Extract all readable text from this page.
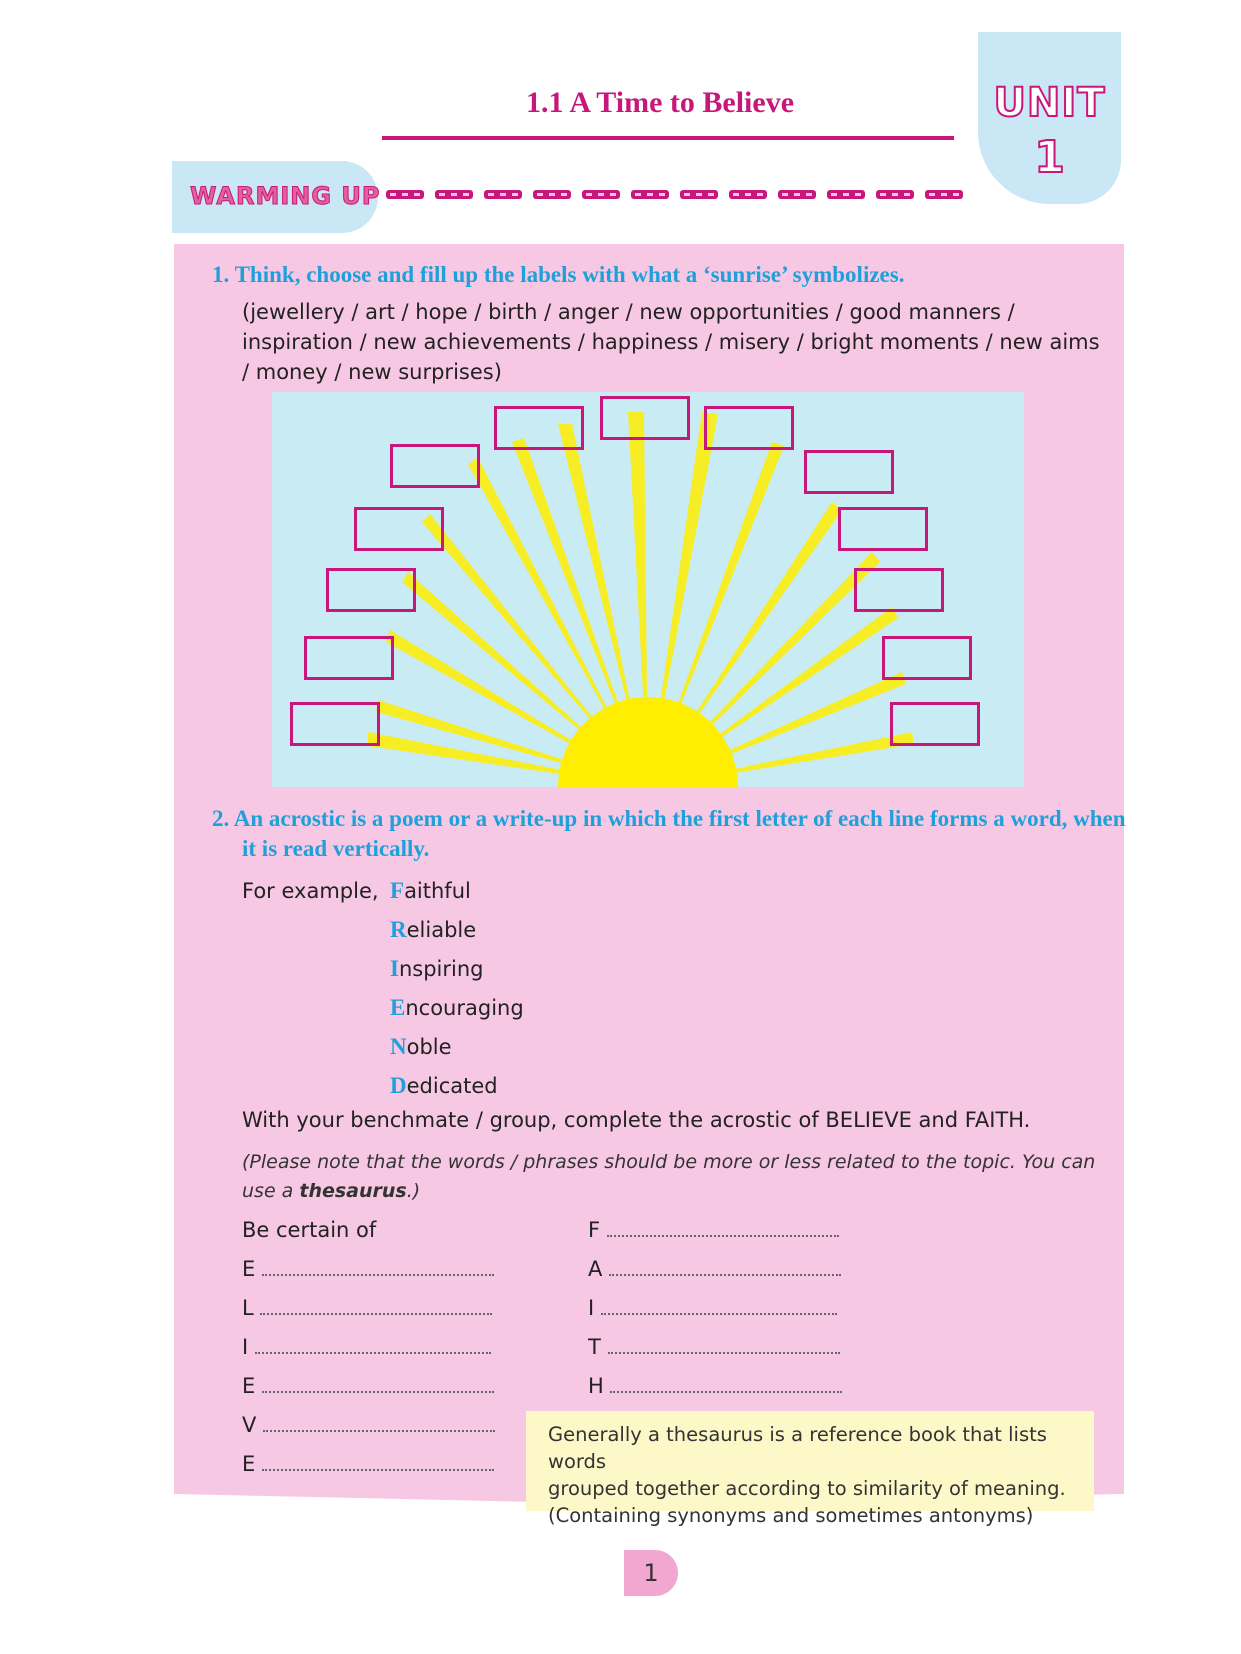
1.1 A Time to Believe	UNIT
1
WARMING UP
1. Think, choose and fill up the labels with what a ‘sunrise’ symbolizes.
(jewellery / art / hope / birth / anger / new opportunities / good manners / inspiration / new achievements / happiness / misery / bright moments / new aims / money / new surprises)
2. An acrostic is a poem or a write-up in which the first letter of each line forms a word, when it is read vertically.
For example, Faithful
Reliable
Inspiring
Encouraging
Noble
Dedicated
With your benchmate / group, complete the acrostic of BELIEVE and FAITH.
(Please note that the words / phrases should be more or less related to the topic. You can use a thesaurus.)
Be certain of
E
L
I
E
V
E
F
A
I
T
H
Generally a thesaurus is a reference book that lists words
grouped together according to similarity of meaning.
(Containing synonyms and sometimes antonyms)
1
